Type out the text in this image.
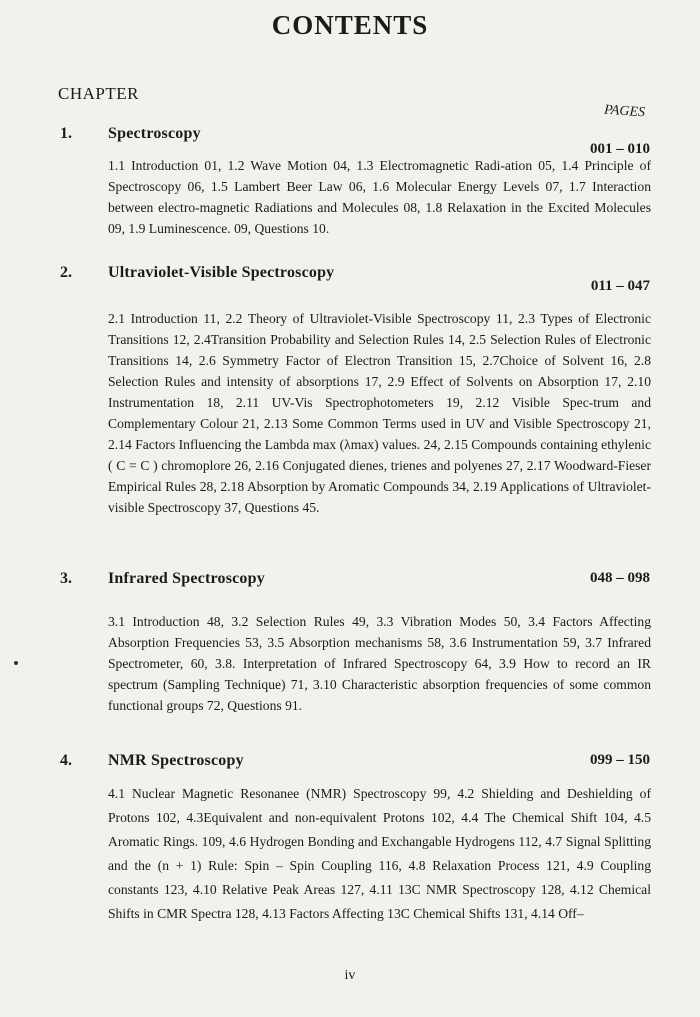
CONTENTS
CHAPTER
PAGES
1. Spectroscopy
001 – 010

1.1 Introduction 01, 1.2 Wave Motion 04, 1.3 Electromagnetic Radi-ation 05, 1.4 Principle of Spectroscopy 06, 1.5 Lambert Beer Law 06, 1.6 Molecular Energy Levels 07, 1.7 Interaction between electro-magnetic Radiations and Molecules 08, 1.8 Relaxation in the Excited Molecules 09, 1.9 Luminescence. 09, Questions 10.

2. Ultraviolet-Visible Spectroscopy
011 – 047

2.1 Introduction 11, 2.2 Theory of Ultraviolet-Visible Spectroscopy 11, 2.3 Types of Electronic Transitions 12, 2.4Transition Probability and Selection Rules 14, 2.5 Selection Rules of Electronic Transitions 14, 2.6 Symmetry Factor of Electron Transition 15, 2.7Choice of Solvent 16, 2.8 Selection Rules and intensity of absorptions 17, 2.9 Effect of Solvents on Absorption 17, 2.10 Instrumentation 18, 2.11 UV-Vis Spectrophotometers 19, 2.12 Visible Spec-trum and Complementary Colour 21, 2.13 Some Common Terms used in UV and Visible Spectroscopy 21, 2.14 Factors Influencing the Lambda max (λmax) values. 24, 2.15 Compounds containing ethylenic ( C = C ) chromoplore 26, 2.16 Conjugated dienes, trienes and polyenes 27, 2.17 Woodward-Fieser Empirical Rules 28, 2.18 Absorption by Aromatic Compounds 34, 2.19 Applications of Ultraviolet-visible Spectroscopy 37, Questions 45.

3. Infrared Spectroscopy	048 – 098

3.1 Introduction 48, 3.2 Selection Rules 49, 3.3 Vibration Modes 50, 3.4 Factors Affecting Absorption Frequencies 53, 3.5 Absorption mechanisms 58, 3.6 Instrumentation 59, 3.7 Infrared Spectrometer, 60, 3.8. Interpretation of Infrared Spectroscopy 64, 3.9 How to record an IR spectrum (Sampling Technique) 71, 3.10 Characteristic absorption frequencies of some common functional groups 72, Questions 91.

4. NMR Spectroscopy	099 – 150

4.1 Nuclear Magnetic Resonanee (NMR) Spectroscopy 99, 4.2 Shielding and Deshielding of Protons 102, 4.3Equivalent and non-equivalent Protons 102, 4.4 The Chemical Shift 104, 4.5 Aromatic Rings. 109, 4.6 Hydrogen Bonding and Exchangable Hydrogens 112, 4.7 Signal Splitting and the (n + 1) Rule: Spin – Spin Coupling 116, 4.8 Relaxation Process 121, 4.9 Coupling constants 123, 4.10 Relative Peak Areas 127, 4.11 13C NMR Spectroscopy 128, 4.12 Chemical Shifts in CMR Spectra 128, 4.13 Factors Affecting 13C Chemical Shifts 131, 4.14 Off–

iv
